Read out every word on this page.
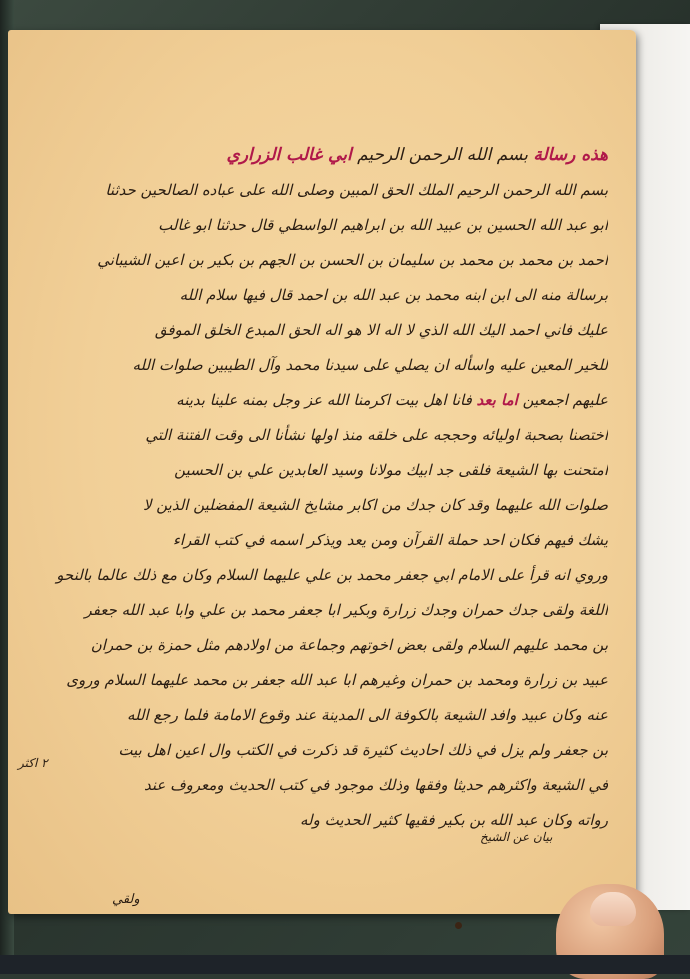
هذه رسالة بسم الله الرحمن الرحيم ابي غالب الزراري
بسم الله الرحمن الرحيم الملك الحق المبين وصلى الله على عباده الصالحين حدثنا
ابو عبد الله الحسين بن عبيد الله بن ابراهيم الواسطي قال حدثنا ابو غالب
احمد بن محمد بن محمد بن سليمان بن الحسن بن الجهم بن بكير بن اعين الشيباني
برسالة منه الى ابن ابنه محمد بن عبد الله بن احمد قال فيها سلام الله
عليك فاني احمد اليك الله الذي لا اله الا هو اله الحق المبدع الخلق الموفق
للخير المعين عليه واسأله ان يصلي على سيدنا محمد وآل الطيبين صلوات الله
عليهم اجمعين اما بعد فانا اهل بيت اكرمنا الله عز وجل بمنه علينا بدينه
اختصنا بصحبة اوليائه وحججه على خلقه منذ اولها نشأنا الى وقت الفتنة التي
امتحنت بها الشيعة فلقى جد ابيك مولانا وسيد العابدين علي بن الحسين
صلوات الله عليهما وقد كان جدك من اكابر مشايخ الشيعة المفضلين الذين لا
يشك فيهم فكان احد حملة القرآن ومن يعد ويذكر اسمه في كتب القراء
وروي انه قرأ على الامام ابي جعفر محمد بن علي عليهما السلام وكان مع ذلك عالما بالنحو
اللغة ولقى جدك حمران وجدك زرارة وبكير ابا جعفر محمد بن علي وابا عبد الله جعفر
بن محمد عليهم السلام ولقى بعض اخوتهم وجماعة من اولادهم مثل حمزة بن حمران
عبيد بن زرارة ومحمد بن حمران وغيرهم ابا عبد الله جعفر بن محمد عليهما السلام وروى
عنه وكان عبيد وافد الشيعة بالكوفة الى المدينة عند وقوع الامامة فلما رجع الله
بن جعفر ولم يزل في ذلك احاديث كثيرة قد ذكرت في الكتب وال اعين اهل بيت
في الشيعة واكثرهم حديثا وفقها وذلك موجود في كتب الحديث ومعروف عند
رواته وكان عبد الله بن بكير فقيها كثير الحديث وله
٢ اكثر
بيان عن الشيخ
ولقي
